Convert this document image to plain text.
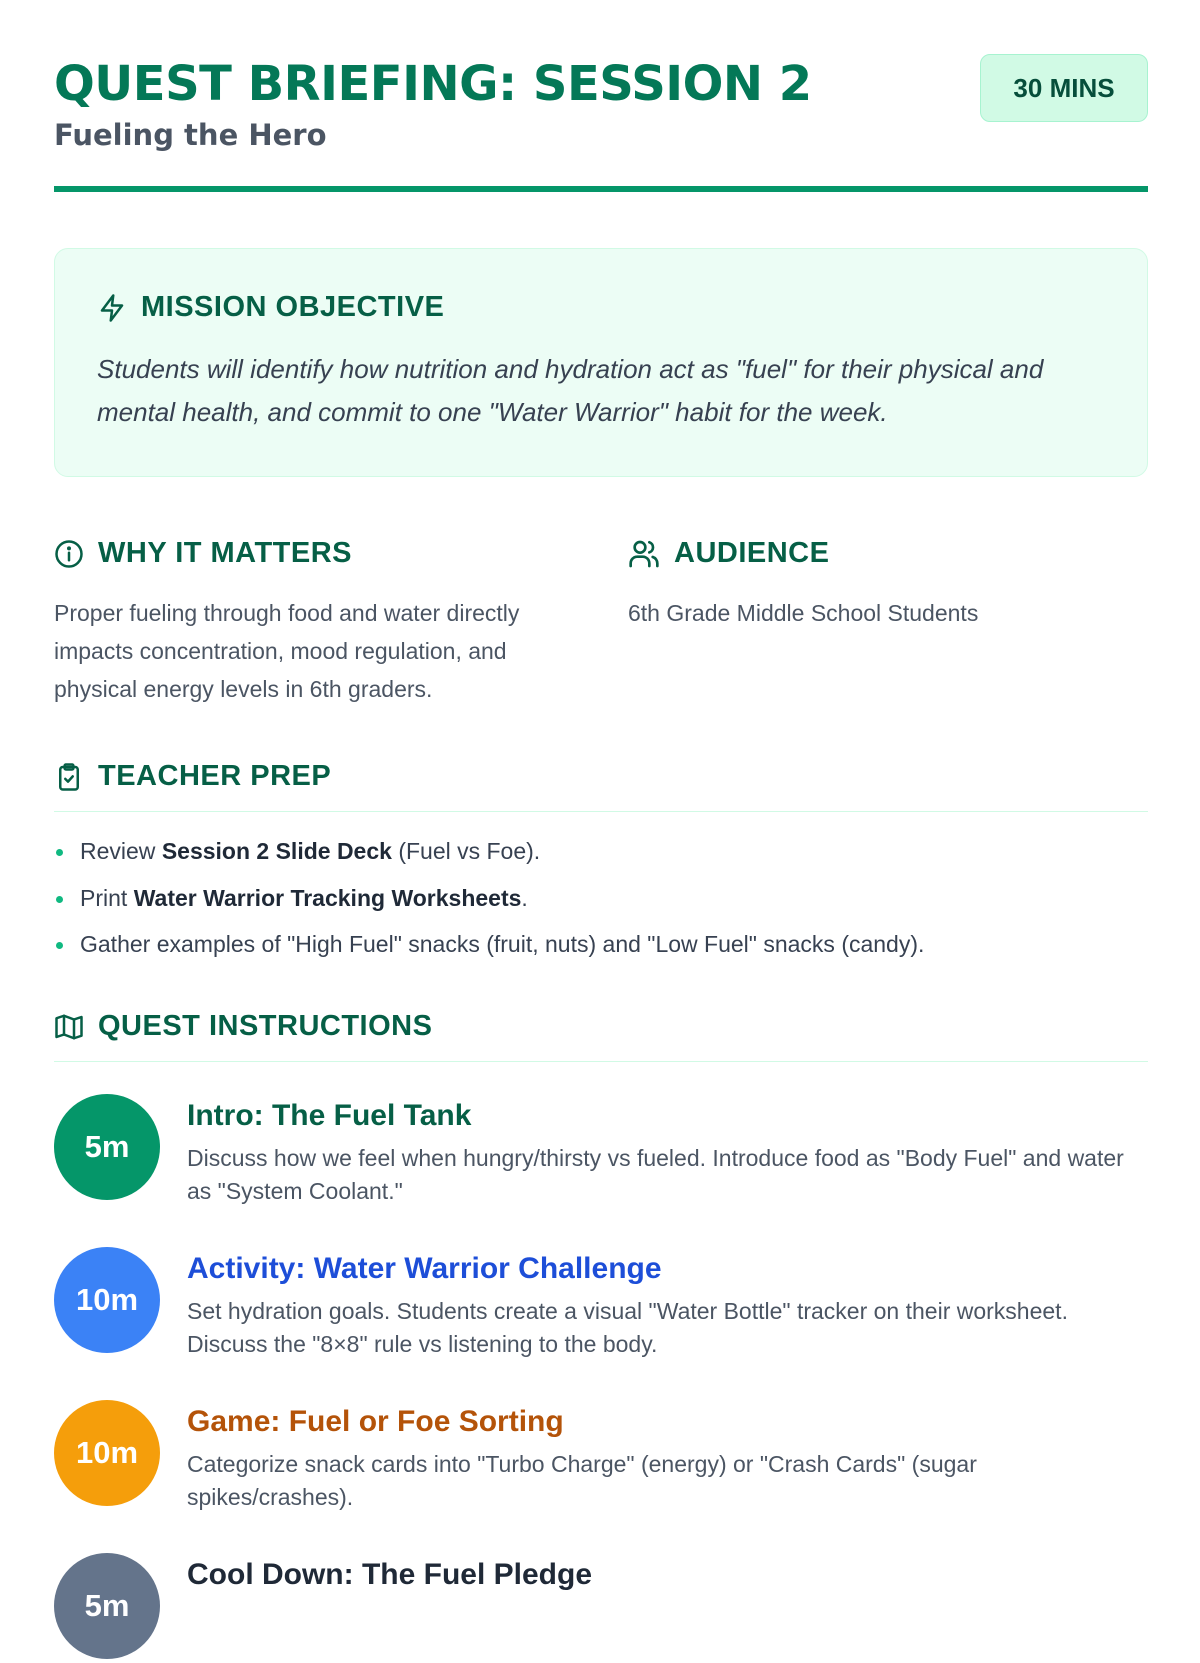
QUEST BRIEFING: SESSION 2
Fueling the Hero
30 MINS
MISSION OBJECTIVE
Students will identify how nutrition and hydration act as "fuel" for their physical and mental health, and commit to one "Water Warrior" habit for the week.
WHY IT MATTERS
Proper fueling through food and water directly impacts concentration, mood regulation, and physical energy levels in 6th graders.
AUDIENCE
6th Grade Middle School Students
TEACHER PREP
Review Session 2 Slide Deck (Fuel vs Foe).
Print Water Warrior Tracking Worksheets.
Gather examples of "High Fuel" snacks (fruit, nuts) and "Low Fuel" snacks (candy).
QUEST INSTRUCTIONS
5m
Intro: The Fuel Tank
Discuss how we feel when hungry/thirsty vs fueled. Introduce food as "Body Fuel" and water as "System Coolant."
10m
Activity: Water Warrior Challenge
Set hydration goals. Students create a visual "Water Bottle" tracker on their worksheet. Discuss the "8×8" rule vs listening to the body.
10m
Game: Fuel or Foe Sorting
Categorize snack cards into "Turbo Charge" (energy) or "Crash Cards" (sugar spikes/crashes).
5m
Cool Down: The Fuel Pledge
